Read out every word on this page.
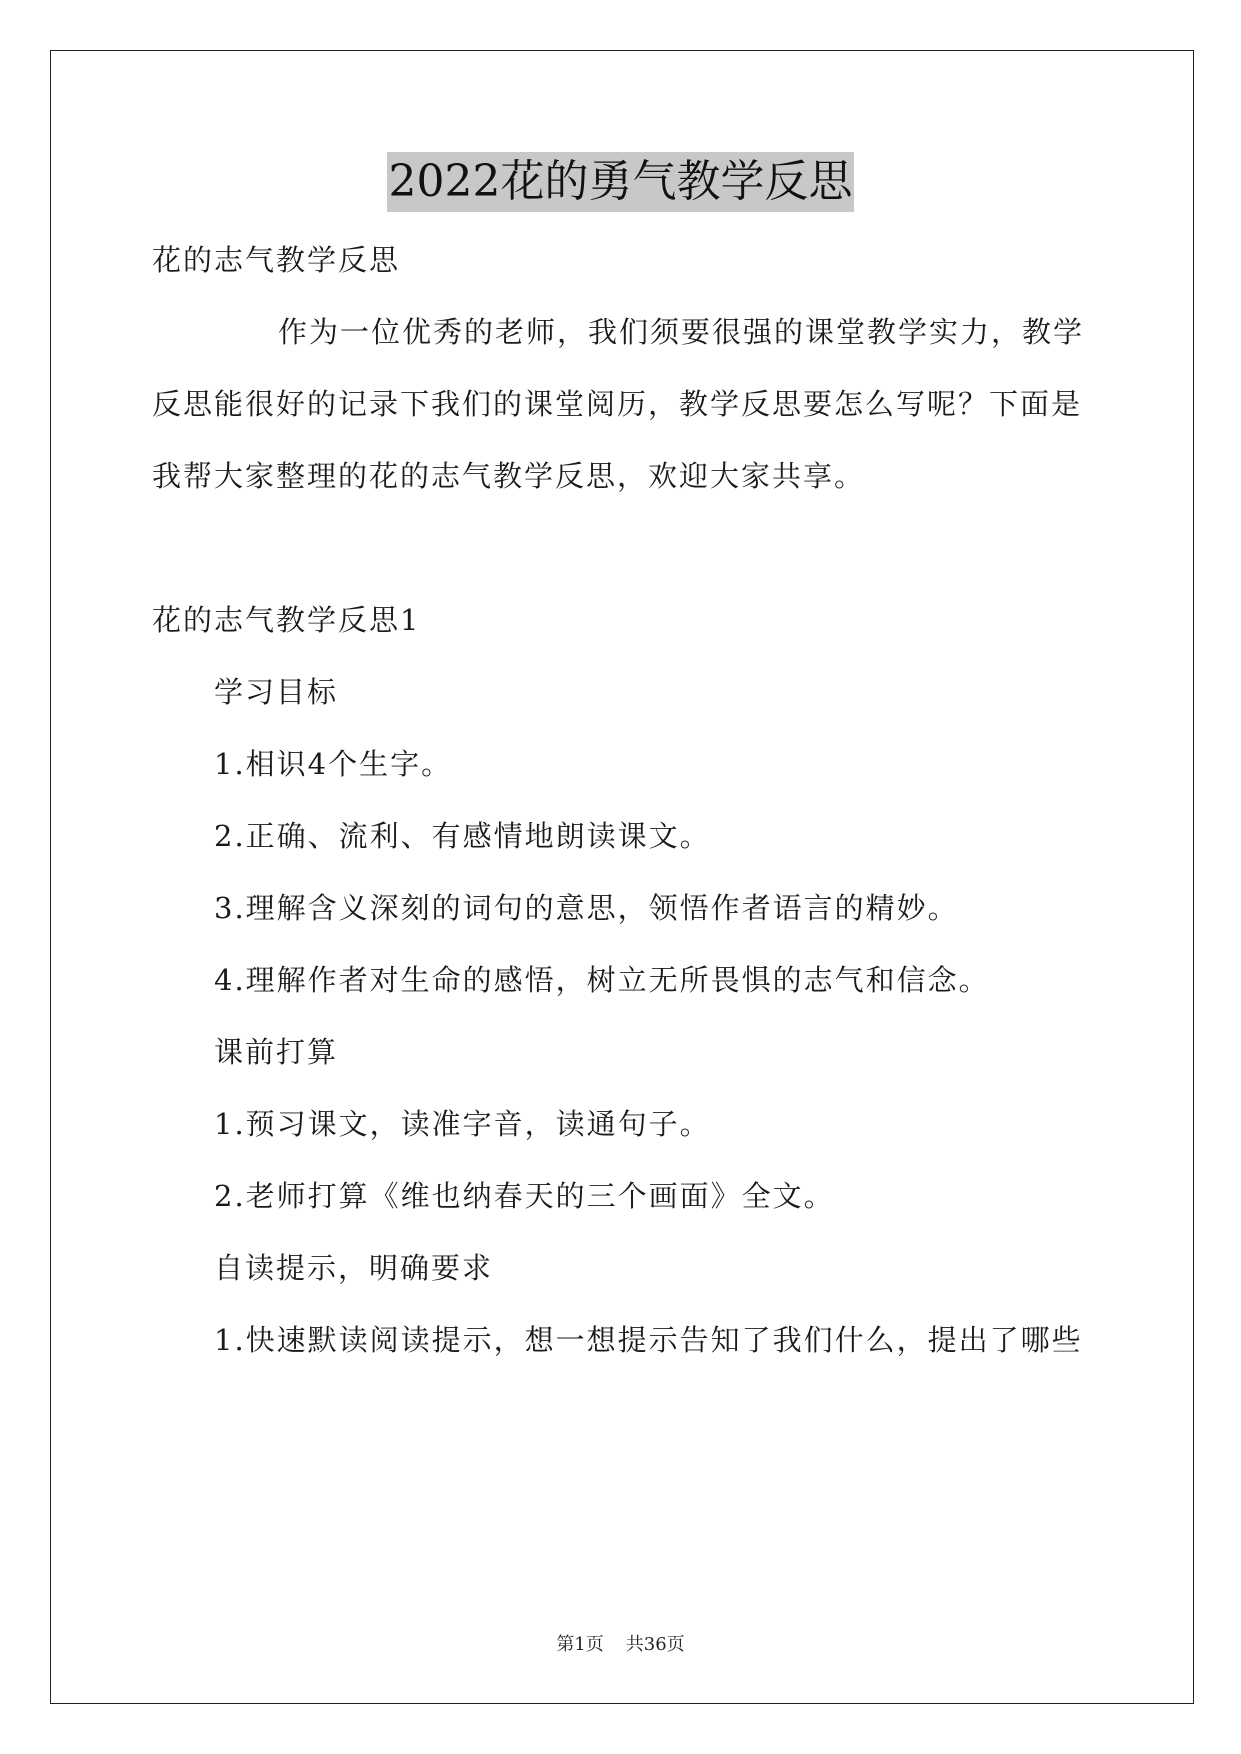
2022花的勇气教学反思
花的志气教学反思
作为一位优秀的老师，我们须要很强的课堂教学实力，教学
反思能很好的记录下我们的课堂阅历，教学反思要怎么写呢？下面是
我帮大家整理的花的志气教学反思，欢迎大家共享。
花的志气教学反思1
学习目标
1.相识4个生字。
2.正确、流利、有感情地朗读课文。
3.理解含义深刻的词句的意思，领悟作者语言的精妙。
4.理解作者对生命的感悟，树立无所畏惧的志气和信念。
课前打算
1.预习课文，读准字音，读通句子。
2.老师打算《维也纳春天的三个画面》全文。
自读提示，明确要求
1.快速默读阅读提示，想一想提示告知了我们什么，提出了哪些
第1页 共36页
